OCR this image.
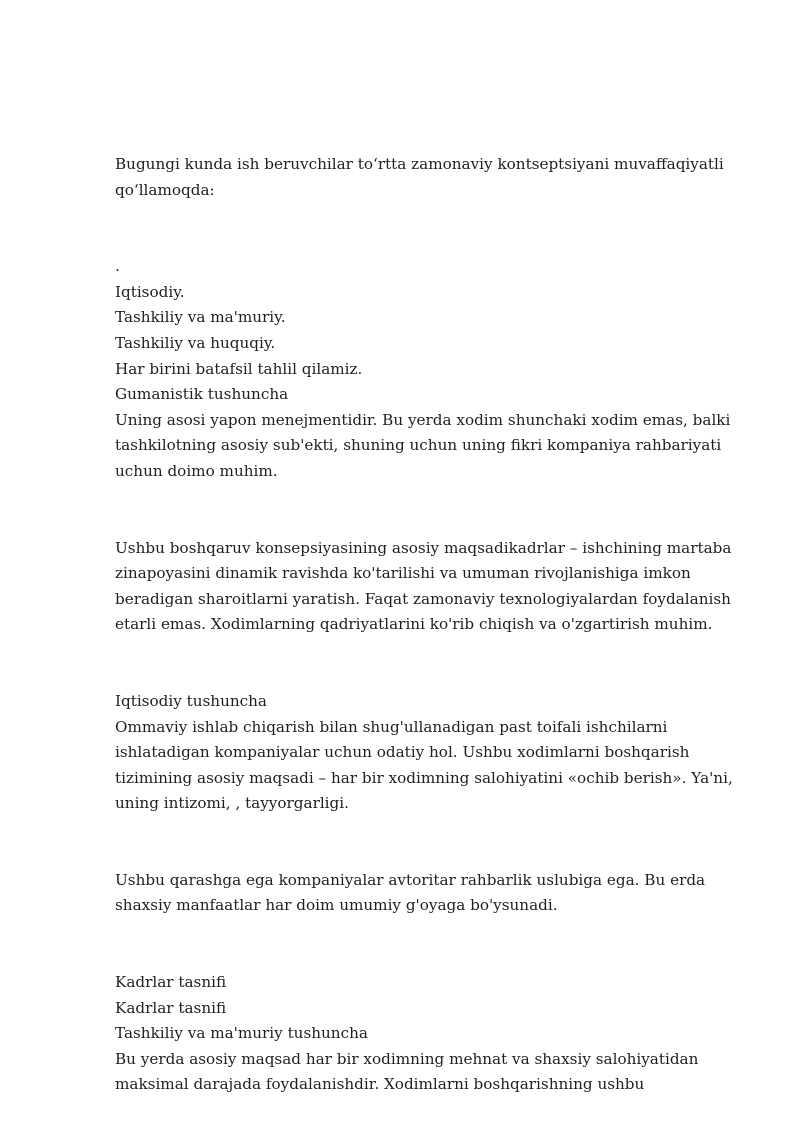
Bugungi kunda ish beruvchilar to‘rtta zamonaviy kontseptsiyani muvaffaqiyatli qo‘llamoqda:

.

Iqtisodiy.

Tashkiliy va ma'muriy.

Tashkiliy va huquqiy.

Har birini batafsil tahlil qilamiz.

Gumanistik tushuncha

Uning asosi yapon menejmentidir. Bu yerda xodim shunchaki xodim emas, balki tashkilotning asosiy sub'ekti, shuning uchun uning fikri kompaniya rahbariyati uchun doimo muhim.

Ushbu boshqaruv konsepsiyasining asosiy maqsadikadrlar – ishchining martaba zinapoyasini dinamik ravishda ko'tarilishi va umuman rivojlanishiga imkon beradigan sharoitlarni yaratish. Faqat zamonaviy texnologiyalardan foydalanish etarli emas. Xodimlarning qadriyatlarini ko'rib chiqish va o'zgartirish muhim.

Iqtisodiy tushuncha

Ommaviy ishlab chiqarish bilan shug'ullanadigan past toifali ishchilarni ishlatadigan kompaniyalar uchun odatiy hol. Ushbu xodimlarni boshqarish tizimining asosiy maqsadi – har bir xodimning salohiyatini «ochib berish». Ya'ni, uning intizomi, , tayyorgarligi.

Ushbu qarashga ega kompaniyalar avtoritar rahbarlik uslubiga ega. Bu erda shaxsiy manfaatlar har doim umumiy g'oyaga bo'ysunadi.

Kadrlar tasnifi

Kadrlar tasnifi

Tashkiliy va ma'muriy tushuncha

Bu yerda asosiy maqsad har bir xodimning mehnat va shaxsiy salohiyatidan maksimal darajada foydalanishdir. Xodimlarni boshqarishning ushbu
